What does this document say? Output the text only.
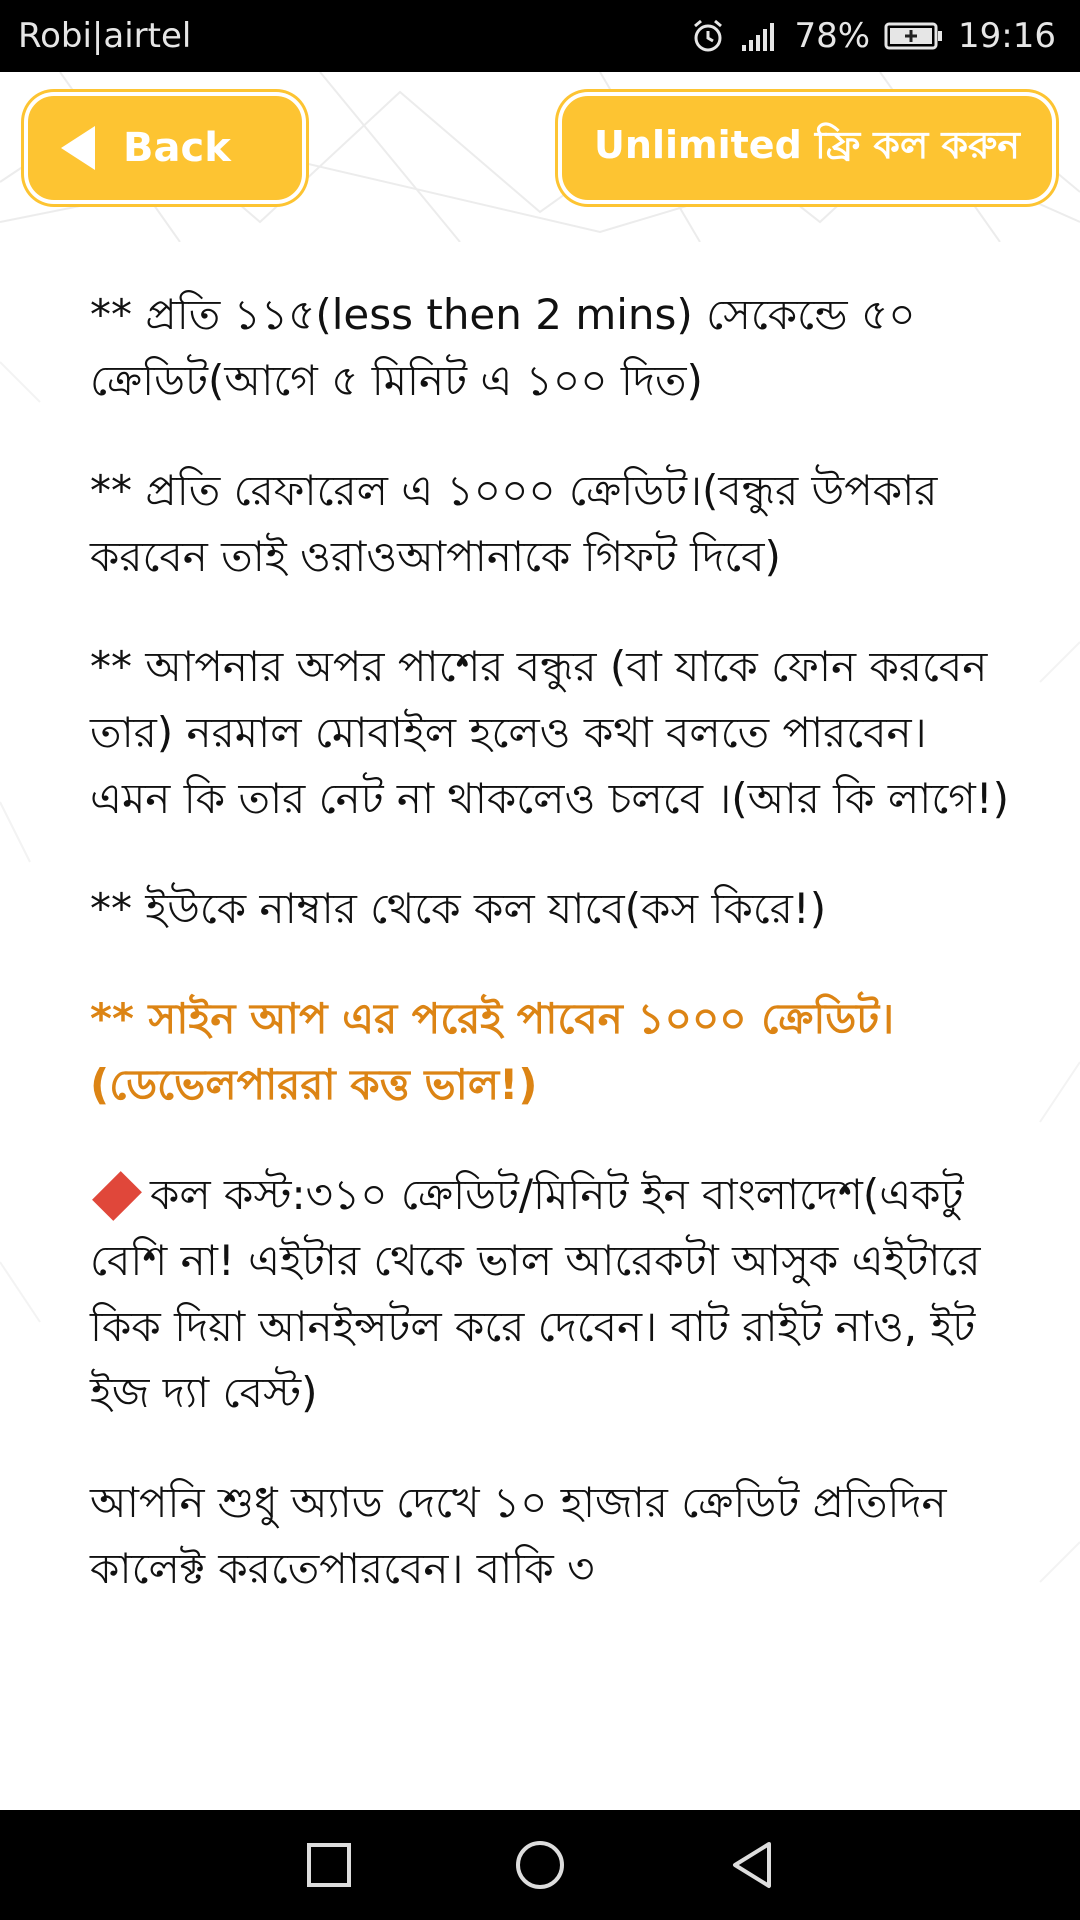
Robi|airtel	78%	19:16
Back	Unlimited ফ্রি কল করুন

** প্রতি ১১৫(less then 2 mins) সেকেন্ডে ৫০ ক্রেডিট(আগে ৫ মিনিট এ ১০০ দিত)

** প্রতি রেফারেল এ ১০০০ ক্রেডিট।(বন্ধুর উপকার করবেন তাই ওরাওআপানাকে গিফট দিবে)

** আপনার অপর পাশের বন্ধুর (বা যাকে ফোন করবেন তার) নরমাল মোবাইল হলেও কথা বলতে পারবেন। এমন কি তার নেট না থাকলেও চলবে ।(আর কি লাগে!)

** ইউকে নাম্বার থেকে কল যাবে(কস কিরে!)

** সাইন আপ এর পরেই পাবেন ১০০০ ক্রেডিট।(ডেভেলপাররা কত্ত ভাল!)

কল কস্ট:৩১০ ক্রেডিট/মিনিট ইন বাংলাদেশ(একটু বেশি না! এইটার থেকে ভাল আরেকটা আসুক এইটারে কিক দিয়া আনইন্সটল করে দেবেন। বাট রাইট নাও, ইট ইজ দ্যা বেস্ট)

আপনি শুধু অ্যাড দেখে ১০ হাজার ক্রেডিট প্রতিদিন কালেক্ট করতেপারবেন। বাকি ৩
